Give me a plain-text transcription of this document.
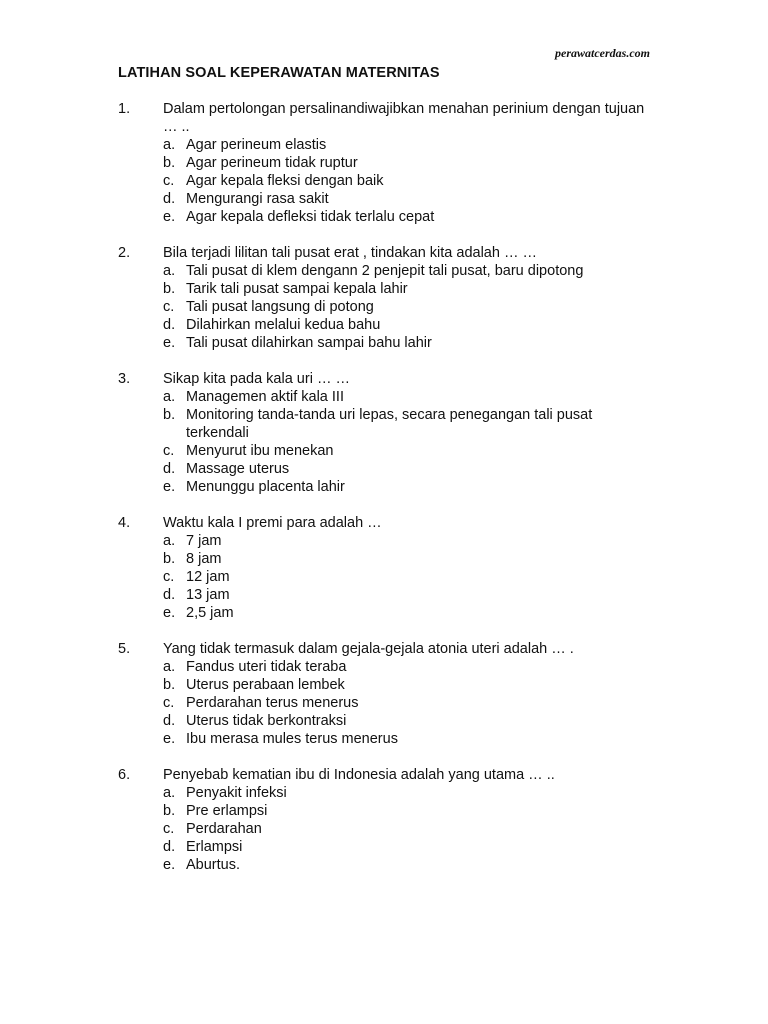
perawatcerdas.com
LATIHAN SOAL KEPERAWATAN MATERNITAS
1. Dalam pertolongan persalinandiwajibkan menahan perinium dengan tujuan … ..
a. Agar perineum elastis
b. Agar perineum tidak ruptur
c. Agar kepala fleksi dengan baik
d. Mengurangi rasa sakit
e. Agar kepala defleksi tidak terlalu cepat
2. Bila terjadi lilitan tali pusat erat , tindakan kita adalah … …
a. Tali pusat di klem dengann 2 penjepit tali pusat, baru dipotong
b. Tarik tali pusat sampai kepala lahir
c. Tali pusat langsung di potong
d. Dilahirkan melalui kedua bahu
e. Tali pusat dilahirkan sampai bahu lahir
3. Sikap kita pada kala uri … …
a. Managemen aktif kala III
b. Monitoring tanda-tanda uri lepas, secara penegangan tali pusat terkendali
c. Menyurut ibu menekan
d. Massage uterus
e. Menunggu placenta lahir
4. Waktu kala I premi para adalah …
a. 7 jam
b. 8 jam
c. 12 jam
d. 13 jam
e. 2,5 jam
5. Yang tidak termasuk dalam gejala-gejala atonia uteri adalah … .
a. Fandus uteri tidak teraba
b. Uterus perabaan lembek
c. Perdarahan terus menerus
d. Uterus tidak berkontraksi
e. Ibu merasa mules terus menerus
6. Penyebab kematian ibu di Indonesia adalah yang utama … ..
a. Penyakit infeksi
b. Pre erlampsi
c. Perdarahan
d. Erlampsi
e. Aburtus.
